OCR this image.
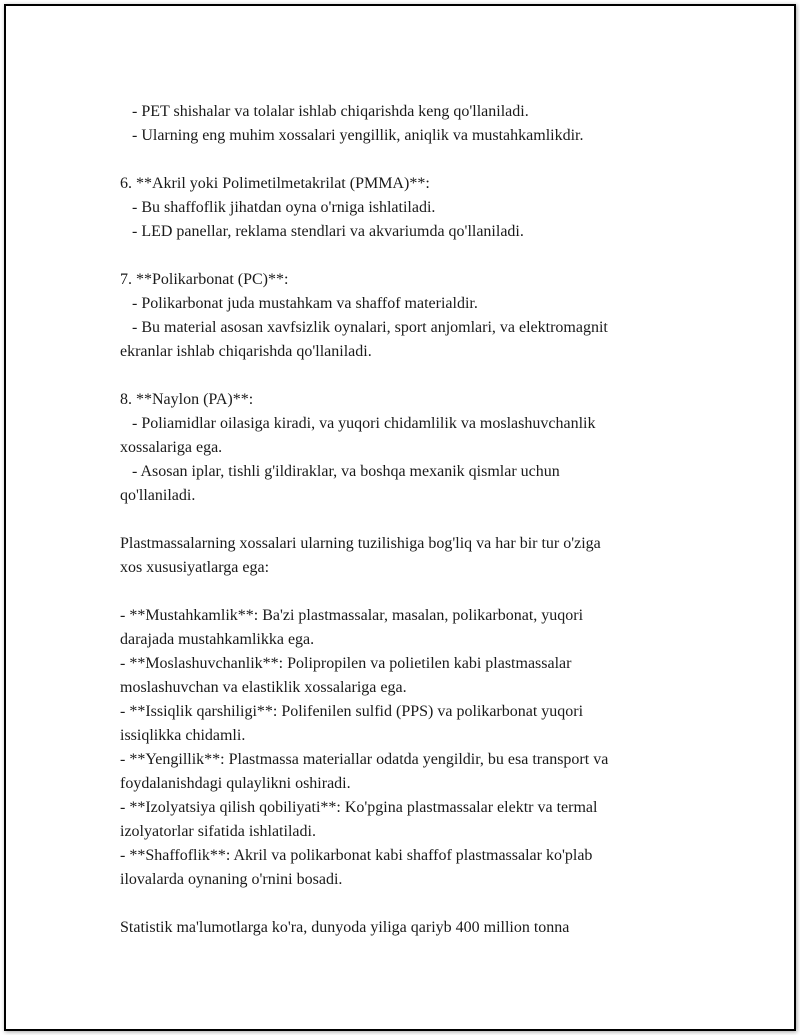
- PET shishalar va tolalar ishlab chiqarishda keng qo'llaniladi.
- Ularning eng muhim xossalari yengillik, aniqlik va mustahkamlikdir.
6. **Akril yoki Polimetilmetakrilat (PMMA)**:
- Bu shaffoflik jihatdan oyna o'rniga ishlatiladi.
- LED panellar, reklama stendlari va akvariumda qo'llaniladi.
7. **Polikarbonat (PC)**:
- Polikarbonat juda mustahkam va shaffof materialdir.
- Bu material asosan xavfsizlik oynalari, sport anjomlari, va elektromagnit
ekranlar ishlab chiqarishda qo'llaniladi.
8. **Naylon (PA)**:
- Poliamidlar oilasiga kiradi, va yuqori chidamlilik va moslashuvchanlik
xossalariga ega.
- Asosan iplar, tishli g'ildiraklar, va boshqa mexanik qismlar uchun
qo'llaniladi.
Plastmassalarning xossalari ularning tuzilishiga bog'liq va har bir tur o'ziga
xos xususiyatlarga ega:
- **Mustahkamlik**: Ba'zi plastmassalar, masalan, polikarbonat, yuqori
darajada mustahkamlikka ega.
- **Moslashuvchanlik**: Polipropilen va polietilen kabi plastmassalar
moslashuvchan va elastiklik xossalariga ega.
- **Issiqlik qarshiligi**: Polifenilen sulfid (PPS) va polikarbonat yuqori
issiqlikka chidamli.
- **Yengillik**: Plastmassa materiallar odatda yengildir, bu esa transport va
foydalanishdagi qulaylikni oshiradi.
- **Izolyatsiya qilish qobiliyati**: Ko'pgina plastmassalar elektr va termal
izolyatorlar sifatida ishlatiladi.
- **Shaffoflik**: Akril va polikarbonat kabi shaffof plastmassalar ko'plab
ilovalarda oynaning o'rnini bosadi.
Statistik ma'lumotlarga ko'ra, dunyoda yiliga qariyb 400 million tonna
